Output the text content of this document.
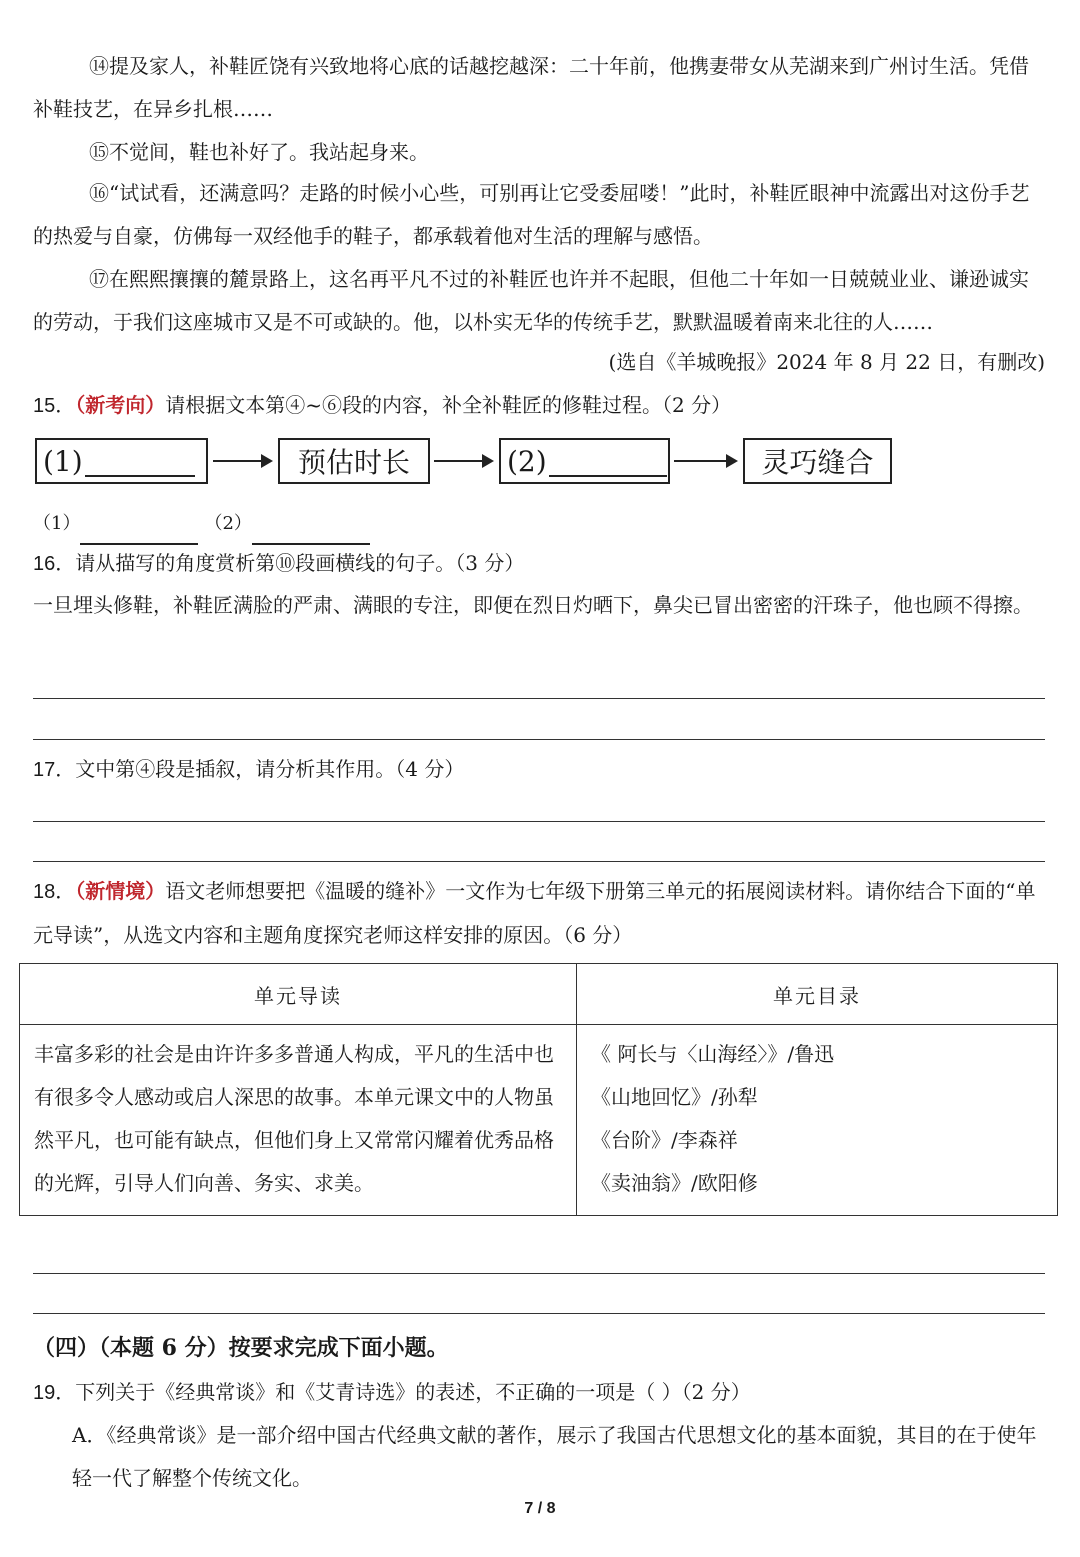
⑭提及家人，补鞋匠饶有兴致地将心底的话越挖越深：二十年前，他携妻带女从芜湖来到广州讨生活。凭借补鞋技艺，在异乡扎根……

⑮不觉间，鞋也补好了。我站起身来。

⑯“试试看，还满意吗？走路的时候小心些，可别再让它受委屈喽！”此时，补鞋匠眼神中流露出对这份手艺的热爱与自豪，仿佛每一双经他手的鞋子，都承载着他对生活的理解与感悟。

⑰在熙熙攘攘的麓景路上，这名再平凡不过的补鞋匠也许并不起眼，但他二十年如一日兢兢业业、谦逊诚实的劳动，于我们这座城市又是不可或缺的。他，以朴实无华的传统手艺，默默温暖着南来北往的人……

(选自《羊城晚报》2024 年 8 月 22 日，有删改)
15．（新考向）请根据文本第④~⑥段的内容，补全补鞋匠的修鞋过程。（2 分）
(1)	预估时长	(2)	灵巧缝合
（1）	（2）
16．请从描写的角度赏析第⑩段画横线的句子。（3 分）

一旦埋头修鞋，补鞋匠满脸的严肃、满眼的专注，即便在烈日灼晒下，鼻尖已冒出密密的汗珠子，他也顾不得擦。

17．文中第④段是插叙，请分析其作用。（4 分）
18．（新情境）语文老师想要把《温暖的缝补》一文作为七年级下册第三单元的拓展阅读材料。请你结合下面的“单元导读”，从选文内容和主题角度探究老师这样安排的原因。（6 分）
单元导读	单元目录
丰富多彩的社会是由许许多多普通人构成，平凡的生活中也有很多令人感动或启人深思的故事。本单元课文中的人物虽然平凡，也可能有缺点，但他们身上又常常闪耀着优秀品格的光辉，引导人们向善、务实、求美。	《 阿长与〈山海经〉》/鲁迅
《山地回忆》/孙犁
《台阶》/李森祥
《卖油翁》/欧阳修
（四）（本题 6 分）按要求完成下面小题。
19．下列关于《经典常谈》和《艾青诗选》的表述，不 ·正 ·确 ·的一项是（ ）（2 分）

A．《经典常谈》是一部介绍中国古代经典文献的著作，展示了我国古代思想文化的基本面貌，其目的在于使年轻一代了解整个传统文化。

7 / 8
